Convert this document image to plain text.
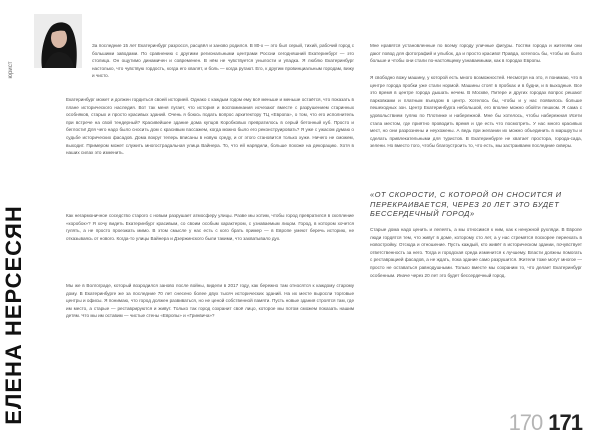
юрист
ЕЛЕНА НЕРСЕСЯН

За последние 15 лет Екатеринбург разросся, расцвёл и заново родился. В 80-х — это был серый, тихий, рабочий город с большими заводами. По сравнению с другими региональными центрами России сегодняшний Екатеринбург — это столица. Он ощутимо динамичен и современен. В нём не чувствуется унылости и упадка. Я люблю Екатеринбург настолько, что чувствую гордость, когда его хвалят, и боль — когда ругают. Его, к другим провинциальным городам, вижу и чисто.

Екатеринбург может и должен гордиться своей историей. Однако с каждым годом ему всё меньше и меньше остаётся, что показать в плане исторического наследия. Вот так меня пугает, что история и воспоминания исчезают вместе с разрушением старинных особняков, старых и просто красивых зданий. Очень я боюсь подать вопрос архитектору ТЦ «Европа», о том, что его исполнитель при встрече на свой тендерный? Красивейшее здание дома купцов Коробковых превратилось в серый бетонный куб. Просто и беглости! Для чего надо было сносить дом с красивым пассажем, когда можно было его реконструировать? Я уже с ужасом думаю о судьбе исторических фасадов. Дома вокруг теперь вписаны в новую среду, и от этого становится только хуже. Ничего не сможем, выходит. Примером может служить многострадальная улица Вайнера. То, что ей нарядили, больше похоже на декорацию. Хотя в наших силах это изменить.

Как негармоничное соседство старого с новым разрушает атмосферу улицы. Разве мы хотим, чтобы город превратился в скопление «коробок»? Я хочу видеть Екатеринбург красивым, со своим особым характером, с узнаваемым лицом. Город, в котором хочется гулять, а не просто проезжать мимо. В этом смысле у нас есть с кого брать пример — в Европе умеют беречь историю, не отказываясь от нового. Когда-то улицы Вайнера и Дзержинского были такими, что захватывало дух.

Мы же в Волгограде, который возродился заново после войны, видели в 2017 году, как бережно там относятся к каждому старому дому. В Екатеринбурге же за последние 70 лет снесено более двух тысяч исторических зданий. На их месте выросли торговые центры и офисы. Я понимаю, что город должен развиваться, но не ценой собственной памяти. Пусть новые здания строятся там, где им место, а старые — реставрируются и живут. Только так город сохранит своё лицо, которое мы потом сможем показать нашим детям. Что мы им оставим — чистые стены «Европы» и «Гринвича»?

Мне нравятся установленные по всему городу уличные фигуры. Гостям города и жителям они дают повод для фотографий и улыбок, да и просто красиво! Правда, хотелось бы, чтобы их было больше и чтобы они стали по-настоящему узнаваемыми, как в городах Европы.

Я свободно вожу машину, у которой есть много возможностей. Несмотря на это, я понимаю, что в центре города пробки уже стали нормой. Машины стоят в пробках и в будни, и в выходные. Все это время в центре города дышать нечем. В Москве, Питере и других городах вопрос решают парковками и платным въездом в центр. Хотелось бы, чтобы и у нас появилось больше пешеходных зон. Центр Екатеринбурга небольшой, его вполне можно обойти пешком. Я сама с удовольствием гуляю по Плотинке и набережной. Мне бы хотелось, чтобы набережная Исети стала местом, где приятно проводить время и где есть что посмотреть. У нас много красивых мест, но они разрознены и неухожены. А ведь при желании их можно объединить в маршруты и сделать привлекательными для туристов. В Екатеринбурге не хватает простора, города-сада, зелени. Но вместо того, чтобы благоустроить то, что есть, мы застраиваем последние скверы.

«ОТ СКОРОСТИ, С КОТОРОЙ ОН СНОСИТСЯ И ПЕРЕКРАИВАЕТСЯ, ЧЕРЕЗ 20 ЛЕТ ЭТО БУДЕТ БЕССЕРДЕЧНЫЙ ГОРОД»

Старые дома надо ценить и лелеять, а мы относимся к ним, как к ненужной рухляди. В Европе люди гордятся тем, что живут в доме, которому сто лет, а у нас стремятся поскорее переехать в новостройку. Отсюда и отношение. Пусть каждый, кто живёт в историческом здании, почувствует ответственность за него. Тогда и городская среда изменится к лучшему. Власти должны помогать с реставрацией фасадов, а не ждать, пока здание само разрушится. Жители тоже могут многое — просто не оставаться равнодушными. Только вместе мы сохраним то, что делает Екатеринбург особенным. Иначе через 20 лет это будет бессердечный город.

170 171
